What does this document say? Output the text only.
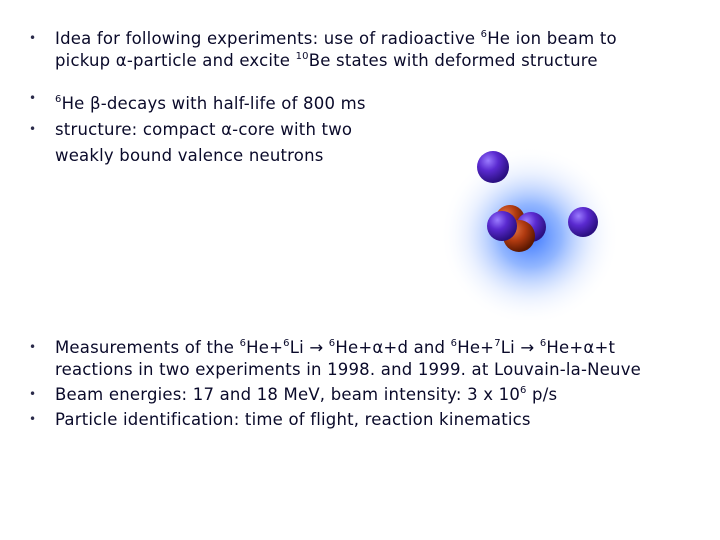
• Idea for following experiments: use of radioactive $^6$He ion beam to
pickup α-particle and excite $^{10}$Be states with deformed structure
• $^6$He β-decays with half-life of 800 ms
• structure: compact α-core with two
weakly bound valence neutrons
• Measurements of the $^6$He+$^6$Li → $^6$He+α+d and $^6$He+$^7$Li → $^6$He+α+t
reactions in two experiments in 1998. and 1999. at Louvain-la-Neuve
• Beam energies: 17 and 18 MeV, beam intensity: 3 x $10^6$ p/s
• Particle identification: time of flight, reaction kinematics
